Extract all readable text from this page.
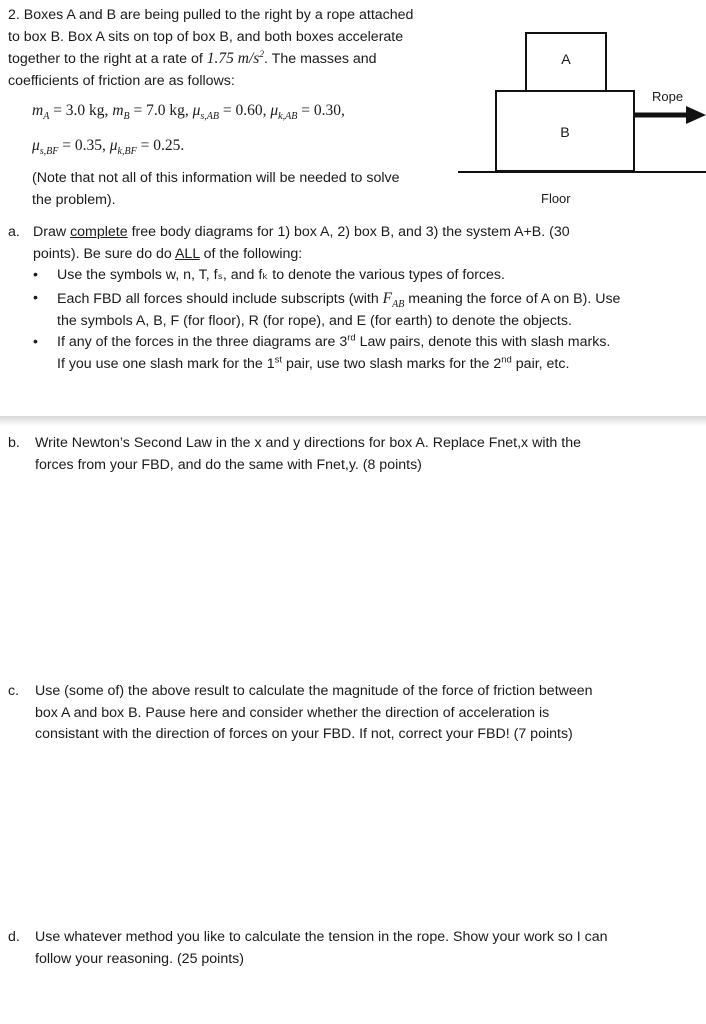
2. Boxes A and B are being pulled to the right by a rope attached
to box B. Box A sits on top of box B, and both boxes accelerate
together to the right at a rate of 1.75 $m/s^2$. The masses and
coefficients of friction are as follows:
$m_A = 3.0$ kg, $m_B = 7.0$ kg, $\mu_{s,AB} = 0.60$, $\mu_{k,AB} = 0.30$,
$\mu_{s,BF} = 0.35$, $\mu_{k,BF} = 0.25$.
(Note that not all of this information will be needed to solve
the problem).
A
B
Floor
Rope
a. Draw complete free body diagrams for 1) box A, 2) box B, and 3) the system A+B. (30
points). Be sure do do ALL of the following:
• Use the symbols w, n, T, fₛ, and fₖ to denote the various types of forces.
• Each FBD all forces should include subscripts (with $F_{AB}$ meaning the force of A on B). Use
the symbols A, B, F (for floor), R (for rope), and E (for earth) to denote the objects.
• If any of the forces in the three diagrams are 3rd Law pairs, denote this with slash marks.
If you use one slash mark for the 1st pair, use two slash marks for the 2nd pair, etc.
b. Write Newton’s Second Law in the x and y directions for box A. Replace Fnet,x with the
forces from your FBD, and do the same with Fnet,y. (8 points)
c. Use (some of) the above result to calculate the magnitude of the force of friction between
box A and box B. Pause here and consider whether the direction of acceleration is
consistant with the direction of forces on your FBD. If not, correct your FBD! (7 points)
d. Use whatever method you like to calculate the tension in the rope. Show your work so I can
follow your reasoning. (25 points)
